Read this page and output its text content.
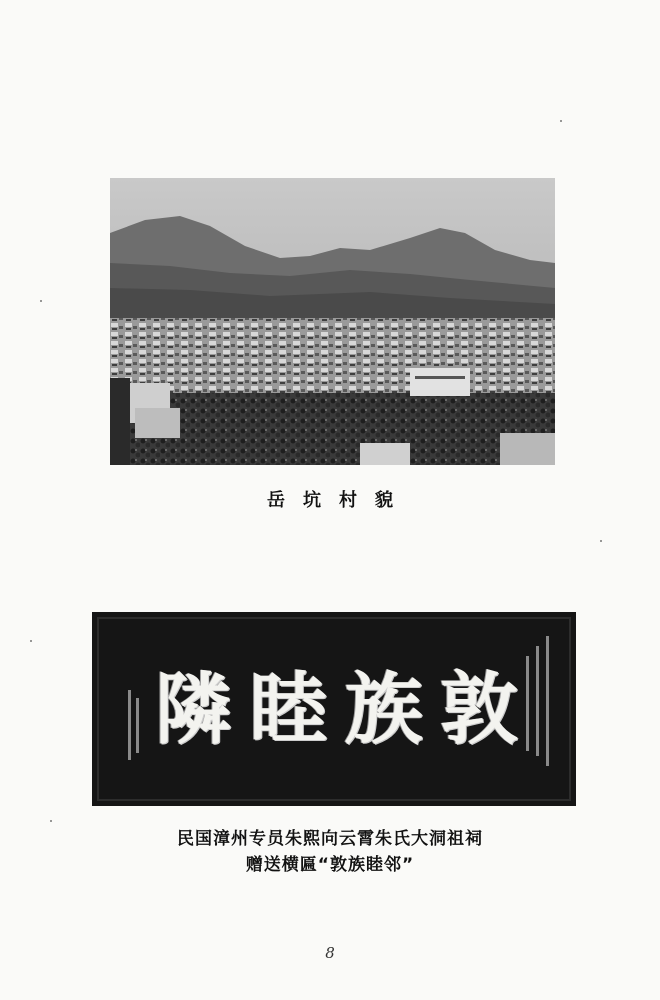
岳坑村貌
隣 睦 族 敦
民国漳州专员朱熙向云霄朱氏大洞祖祠
赠送横匾“敦族睦邻”
8
